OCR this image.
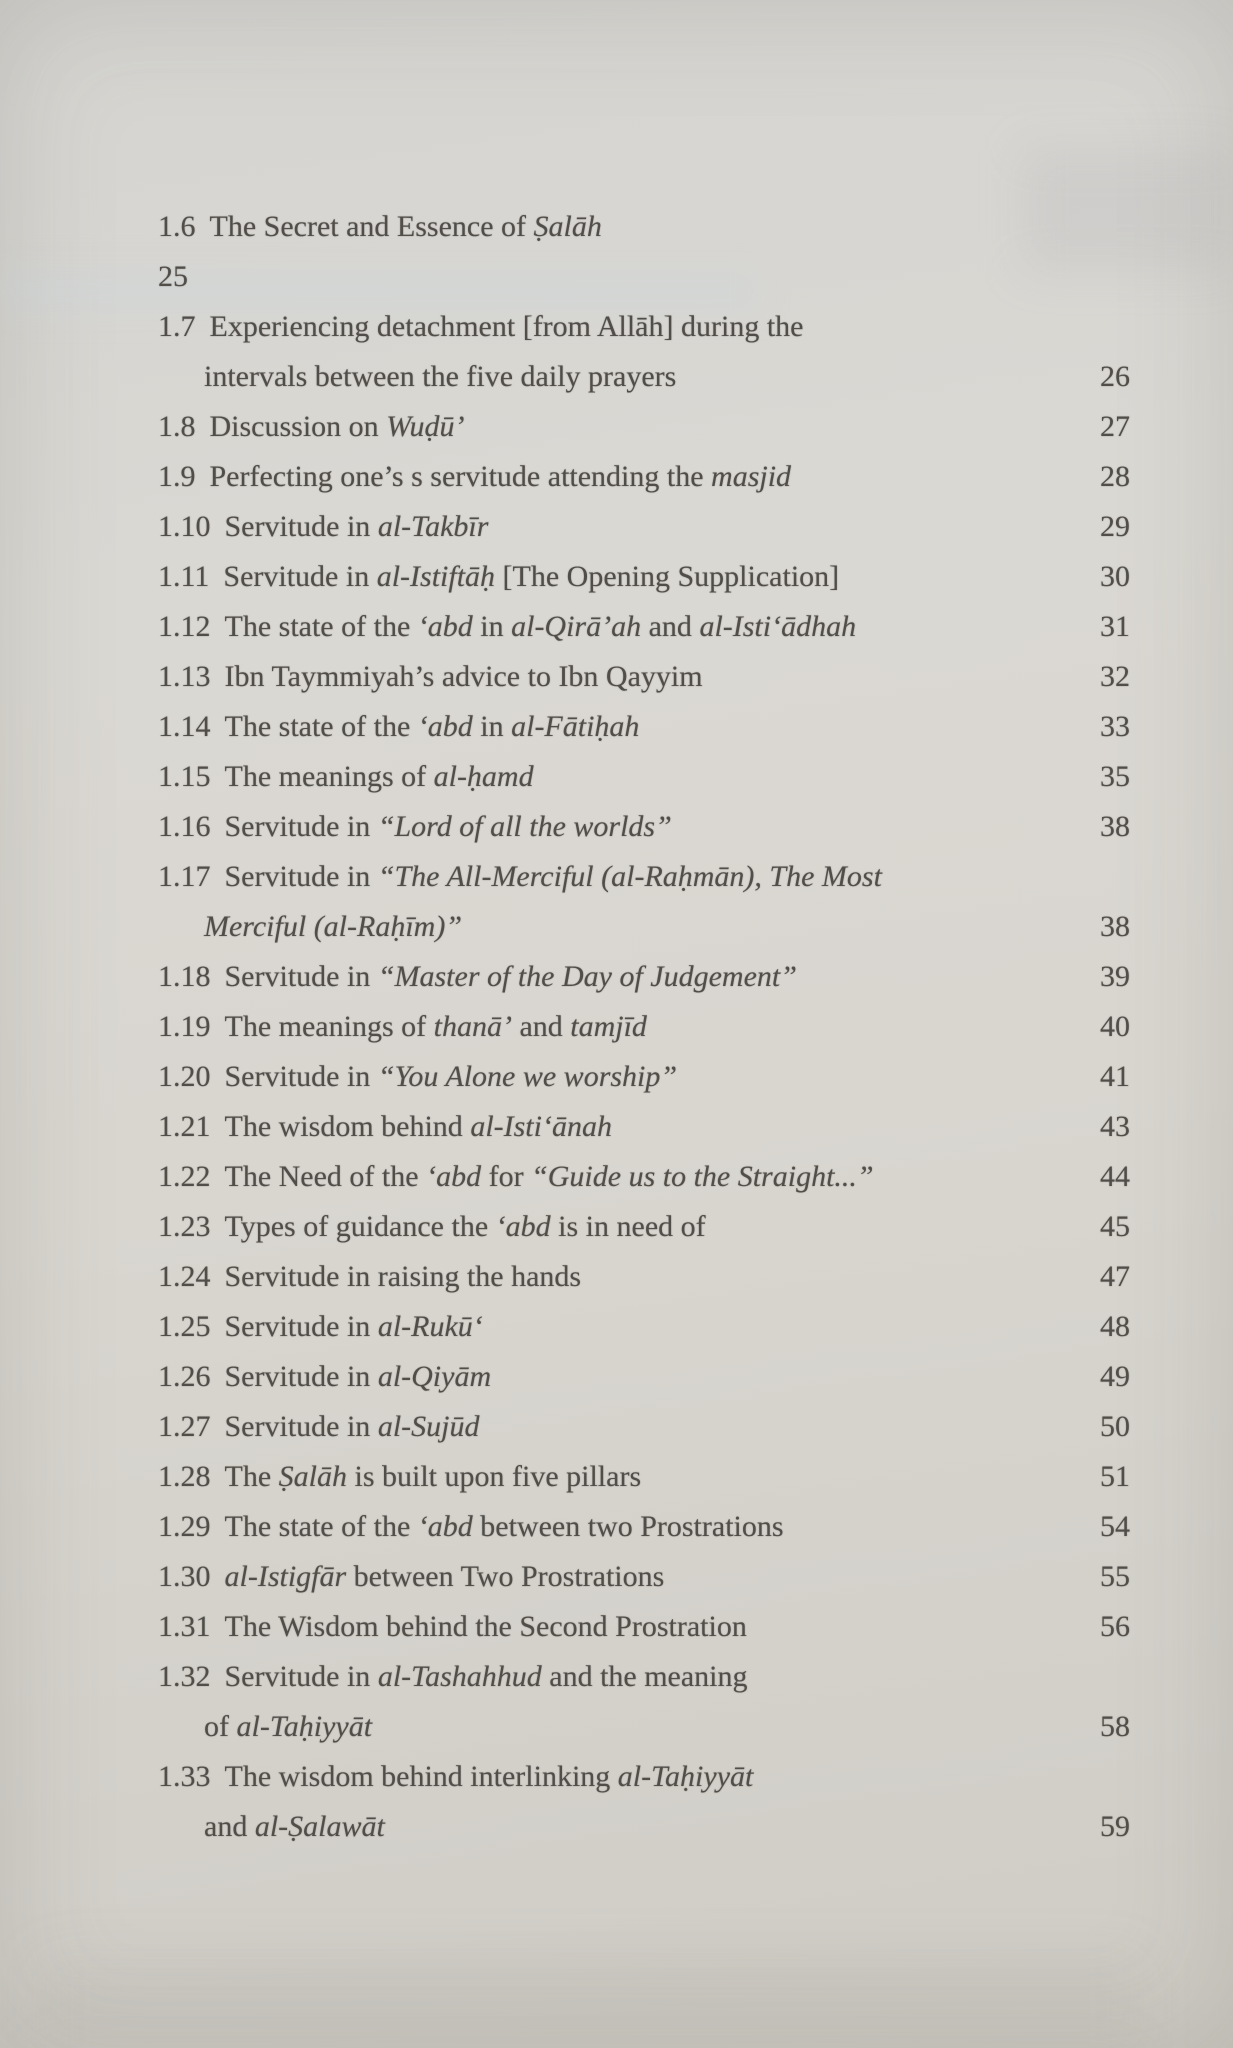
1.6 The Secret and Essence of Ṣalāh
25
1.7 Experiencing detachment [from Allāh] during the
intervals between the five daily prayers	26
1.8 Discussion on Wuḍū’	27
1.9 Perfecting one’s s servitude attending the masjid	28
1.10 Servitude in al-Takbīr	29
1.11 Servitude in al-Istiftāḥ [The Opening Supplication]	30
1.12 The state of the ‘abd in al-Qirā’ah and al-Isti‘ādhah	31
1.13 Ibn Taymmiyah’s advice to Ibn Qayyim	32
1.14 The state of the ‘abd in al-Fātiḥah	33
1.15 The meanings of al-ḥamd	35
1.16 Servitude in “Lord of all the worlds”	38
1.17 Servitude in “The All-Merciful (al-Raḥmān), The Most
Merciful (al-Raḥīm)”	38
1.18 Servitude in “Master of the Day of Judgement”	39
1.19 The meanings of thanā’ and tamjīd	40
1.20 Servitude in “You Alone we worship”	41
1.21 The wisdom behind al-Isti‘ānah	43
1.22 The Need of the ‘abd for “Guide us to the Straight...”	44
1.23 Types of guidance the ‘abd is in need of	45
1.24 Servitude in raising the hands	47
1.25 Servitude in al-Rukū‘	48
1.26 Servitude in al-Qiyām	49
1.27 Servitude in al-Sujūd	50
1.28 The Ṣalāh is built upon five pillars	51
1.29 The state of the ‘abd between two Prostrations	54
1.30 al-Istigfār between Two Prostrations	55
1.31 The Wisdom behind the Second Prostration	56
1.32 Servitude in al-Tashahhud and the meaning
of al-Taḥiyyāt	58
1.33 The wisdom behind interlinking al-Taḥiyyāt
and al-Ṣalawāt	59
